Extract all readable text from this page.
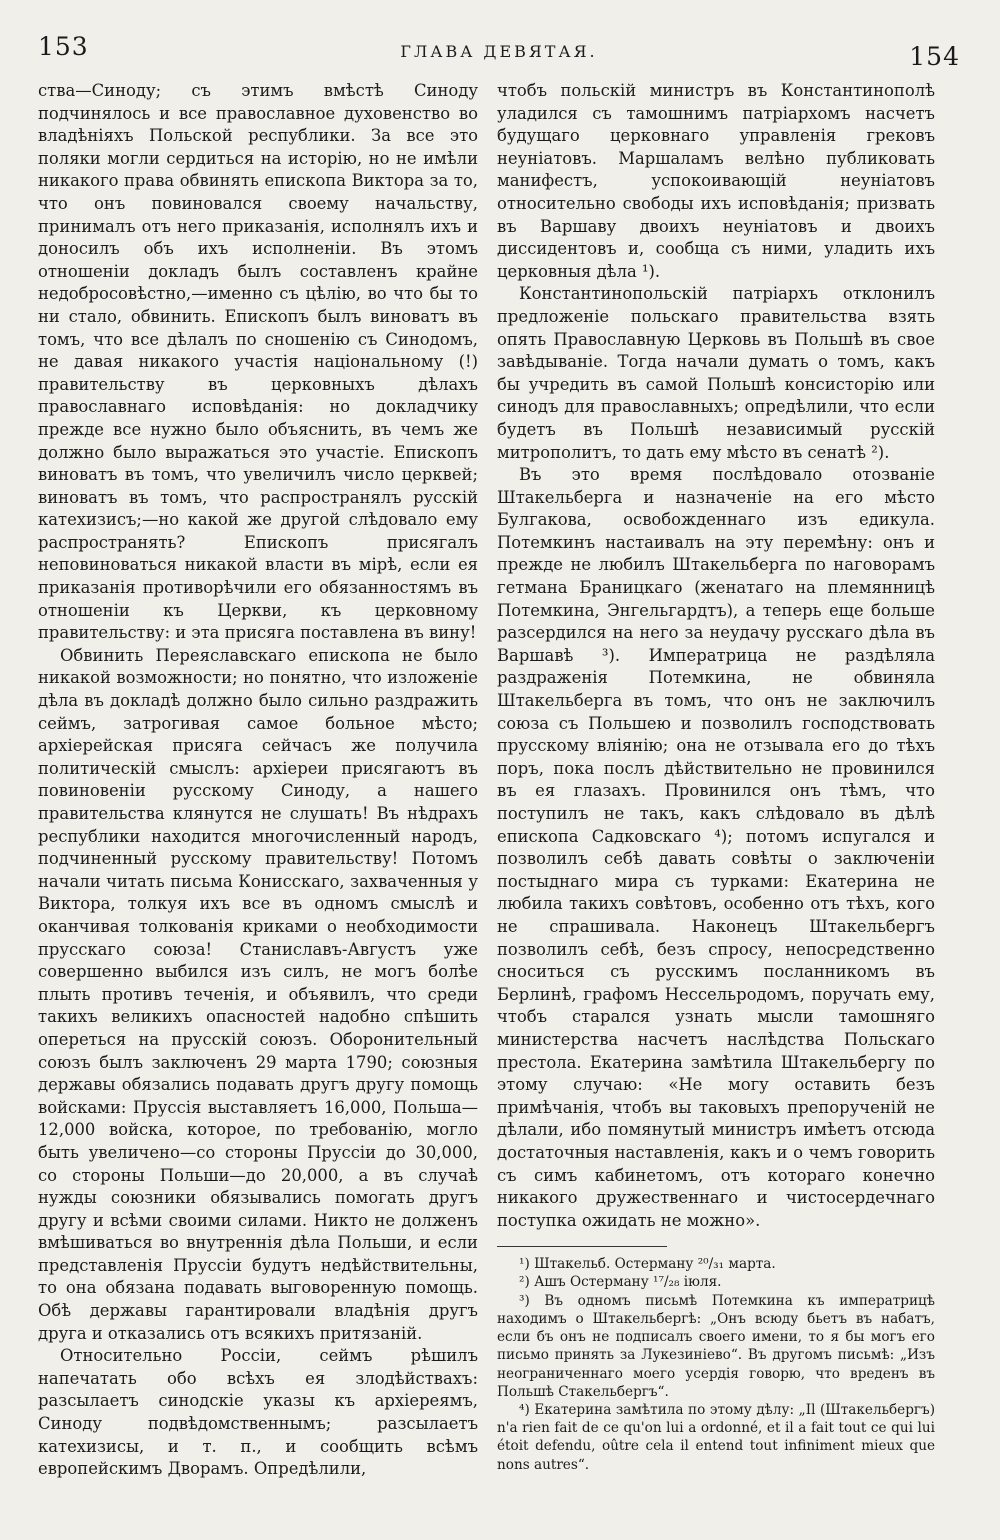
153	ГЛАВА ДЕВЯТАЯ.	154

ства—Синоду; съ этимъ вмѣстѣ Синоду подчинялось и все православное духовенство во владѣніяхъ Польской республики. За все это поляки могли сердиться на исторію, но не имѣли никакого права обвинять епископа Виктора за то, что онъ повиновался своему начальству, принималъ отъ него приказанія, исполнялъ ихъ и доносилъ объ ихъ исполненіи. Въ этомъ отношеніи докладъ былъ составленъ крайне недобросовѣстно,—именно съ цѣлію, во что бы то ни стало, обвинить. Епископъ былъ виноватъ въ томъ, что все дѣлалъ по сношенію съ Синодомъ, не давая никакого участія національному (!) правительству въ церковныхъ дѣлахъ православнаго исповѣданія: но докладчику прежде все нужно было объяснить, въ чемъ же должно было выражаться это участіе. Епископъ виноватъ въ томъ, что увеличилъ число церквей; виноватъ въ томъ, что распространялъ русскій катехизисъ;—но какой же другой слѣдовало ему распространять? Епископъ присягалъ неповиноваться никакой власти въ мірѣ, если ея приказанія противорѣчили его обязанностямъ въ отношеніи къ Церкви, къ церковному правительству: и эта присяга поставлена въ вину!

Обвинить Переяславскаго епископа не было никакой возможности; но понятно, что изложеніе дѣла въ докладѣ должно было сильно раздражить сеймъ, затрогивая самое больное мѣсто; архіерейская присяга сейчасъ же получила политическій смыслъ: архіереи присягаютъ въ повиновеніи русскому Синоду, а нашего правительства клянутся не слушать! Въ нѣдрахъ республики находится многочисленный народъ, подчиненный русскому правительству! Потомъ начали читать письма Конисскаго, захваченныя у Виктора, толкуя ихъ все въ одномъ смыслѣ и оканчивая толкованія криками о необходимости прусскаго союза! Станиславъ-Августъ уже совершенно выбился изъ силъ, не могъ болѣе плыть противъ теченія, и объявилъ, что среди такихъ великихъ опасностей надобно спѣшить опереться на прусскій союзъ. Оборонительный союзъ былъ заключенъ 29 марта 1790; союзныя державы обязались подавать другъ другу помощь войсками: Пруссія выставляетъ 16,000, Польша—12,000 войска, которое, по требованію, могло быть увеличено—со стороны Пруссіи до 30,000, со стороны Польши—до 20,000, а въ случаѣ нужды союзники обязывались помогать другъ другу и всѣми своими силами. Никто не долженъ вмѣшиваться во внутреннія дѣла Польши, и если представленія Пруссіи будутъ недѣйствительны, то она обязана подавать выговоренную помощь. Обѣ державы гарантировали владѣнія другъ друга и отказались отъ всякихъ притязаній.

Относительно Россіи, сеймъ рѣшилъ напечатать обо всѣхъ ея злодѣйствахъ: разсылаетъ синодскіе указы къ архіереямъ, Синоду подвѣдомственнымъ; разсылаетъ катехизисы, и т. п., и сообщить всѣмъ европейскимъ Дворамъ. Опредѣлили,

чтобъ польскій министръ въ Константинополѣ уладился съ тамошнимъ патріархомъ насчетъ будущаго церковнаго управленія грековъ неуніатовъ. Маршаламъ велѣно публиковать манифестъ, успокоивающій неуніатовъ относительно свободы ихъ исповѣданія; призвать въ Варшаву двоихъ неуніатовъ и двоихъ диссидентовъ и, сообща съ ними, уладить ихъ церковныя дѣла ¹).

Константинопольскій патріархъ отклонилъ предложеніе польскаго правительства взять опять Православную Церковь въ Польшѣ въ свое завѣдываніе. Тогда начали думать о томъ, какъ бы учредить въ самой Польшѣ консисторію или синодъ для православныхъ; опредѣлили, что если будетъ въ Польшѣ независимый русскій митрополитъ, то дать ему мѣсто въ сенатѣ ²).

Въ это время послѣдовало отозваніе Штакельберга и назначеніе на его мѣсто Булгакова, освобожденнаго изъ едикула. Потемкинъ настаивалъ на эту перемѣну: онъ и прежде не любилъ Штакельберга по наговорамъ гетмана Браницкаго (женатаго на племянницѣ Потемкина, Энгельгардтъ), а теперь еще больше разсердился на него за неудачу русскаго дѣла въ Варшавѣ ³). Императрица не раздѣляла раздраженія Потемкина, не обвиняла Штакельберга въ томъ, что онъ не заключилъ союза съ Польшею и позволилъ господствовать прусскому вліянію; она не отзывала его до тѣхъ поръ, пока послъ дѣйствительно не провинился въ ея глазахъ. Провинился онъ тѣмъ, что поступилъ не такъ, какъ слѣдовало въ дѣлѣ епископа Садковскаго ⁴); потомъ испугался и позволилъ себѣ давать совѣты о заключеніи постыднаго мира съ турками: Екатерина не любила такихъ совѣтовъ, особенно отъ тѣхъ, кого не спрашивала. Наконецъ Штакельбергъ позволилъ себѣ, безъ спросу, непосредственно сноситься съ русскимъ посланникомъ въ Берлинѣ, графомъ Нессельродомъ, поручать ему, чтобъ старался узнать мысли тамошняго министерства насчетъ наслѣдства Польскаго престола. Екатерина замѣтила Штакельбергу по этому случаю: «Не могу оставить безъ примѣчанія, чтобъ вы таковыхъ препорученій не дѣлали, ибо помянутый министръ имѣетъ отсюда достаточныя наставленія, какъ и о чемъ говорить съ симъ кабинетомъ, отъ котораго конечно никакого дружественнаго и чистосердечнаго поступка ожидать не можно».

¹) Штакельб. Остерману ²⁰/₃₁ марта.

²) Ашъ Остерману ¹⁷/₂₈ іюля.

³) Въ одномъ письмѣ Потемкина къ императрицѣ находимъ о Штакельбергѣ: „Онъ всюду бьетъ въ набатъ, если бъ онъ не подписалъ своего имени, то я бы могъ его письмо принять за Лукезиніево“. Въ другомъ письмѣ: „Изъ неограниченнаго моего усердія говорю, что вреденъ въ Польшѣ Стакельбергъ“.

⁴) Екатерина замѣтила по этому дѣлу: „Il (Штакельбергъ) n'a rien fait de ce qu'on lui a ordonné, et il a fait tout ce qui lui étoit defendu, oûtre cela il entend tout infiniment mieux que nons autres“.
